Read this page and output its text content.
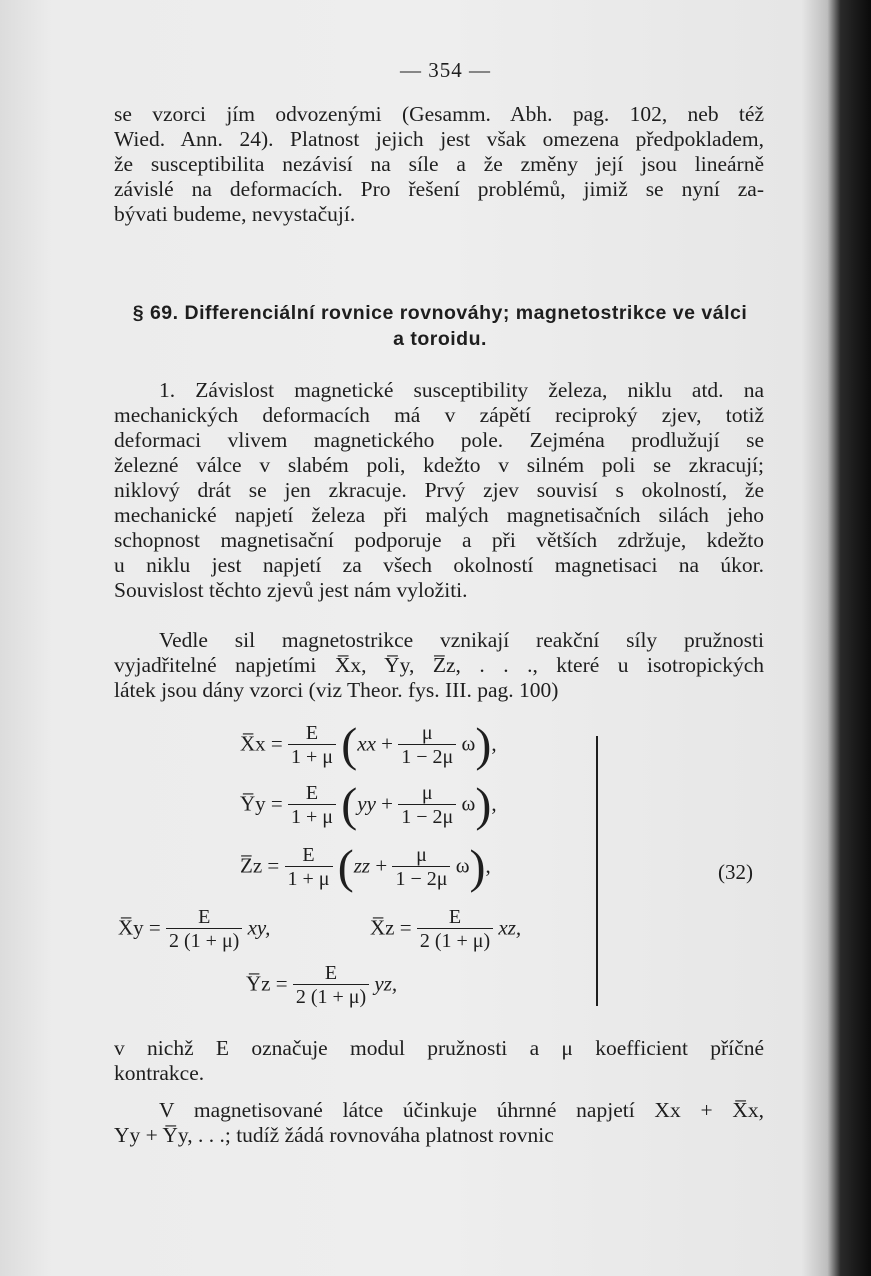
— 354 —
se vzorci jím odvozenými (Gesamm. Abh. pag. 102, neb též
Wied. Ann. 24). Platnost jejich jest však omezena předpokladem,
že susceptibilita nezávisí na síle a že změny její jsou lineárně
závislé na deformacích. Pro řešení problémů, jimiž se nyní za-
bývati budeme, nevystačují.
§ 69. Differenciální rovnice rovnováhy; magnetostrikce ve válci
a toroidu.
1. Závislost magnetické susceptibility železa, niklu atd. na
mechanických deformacích má v zápětí reciproký zjev, totiž
deformaci vlivem magnetického pole. Zejména prodlužují se
železné válce v slabém poli, kdežto v silném poli se zkracují;
niklový drát se jen zkracuje. Prvý zjev souvisí s okolností, že
mechanické napjetí železa při malých magnetisačních silách jeho
schopnost magnetisační podporuje a při větších zdržuje, kdežto
u niklu jest napjetí za všech okolností magnetisaci na úkor.
Souvislost těchto zjevů jest nám vyložiti.
Vedle sil magnetostrikce vznikají reakční síly pružnosti
vyjadřitelné napjetími X̅x, Y̅y, Z̅z, . . ., které u isotropických
látek jsou dány vzorci (viz Theor. fys. III. pag. 100)
X̅x = $\frac{E}{1 + \mu} (xx + \frac{\mu}{1 - 2\mu} \omega)$,
Y̅y = $\frac{E}{1 + \mu} (yy + \frac{\mu}{1 - 2\mu} \omega)$,
Z̅z = $\frac{E}{1 + \mu} (zz + \frac{\mu}{1 - 2\mu} \omega)$,
X̅y = $\frac{E}{2 (1 + \mu)}$ xy,	X̅z = $\frac{E}{2 (1 + \mu)}$ xz,
Y̅z = $\frac{E}{2 (1 + \mu)}$ yz,
(32)
v nichž E označuje modul pružnosti a μ koefficient příčné
kontrakce.
V magnetisované látce účinkuje úhrnné napjetí Xx + X̅x,
Yy + Y̅y, . . .; tudíž žádá rovnováha platnost rovnic
